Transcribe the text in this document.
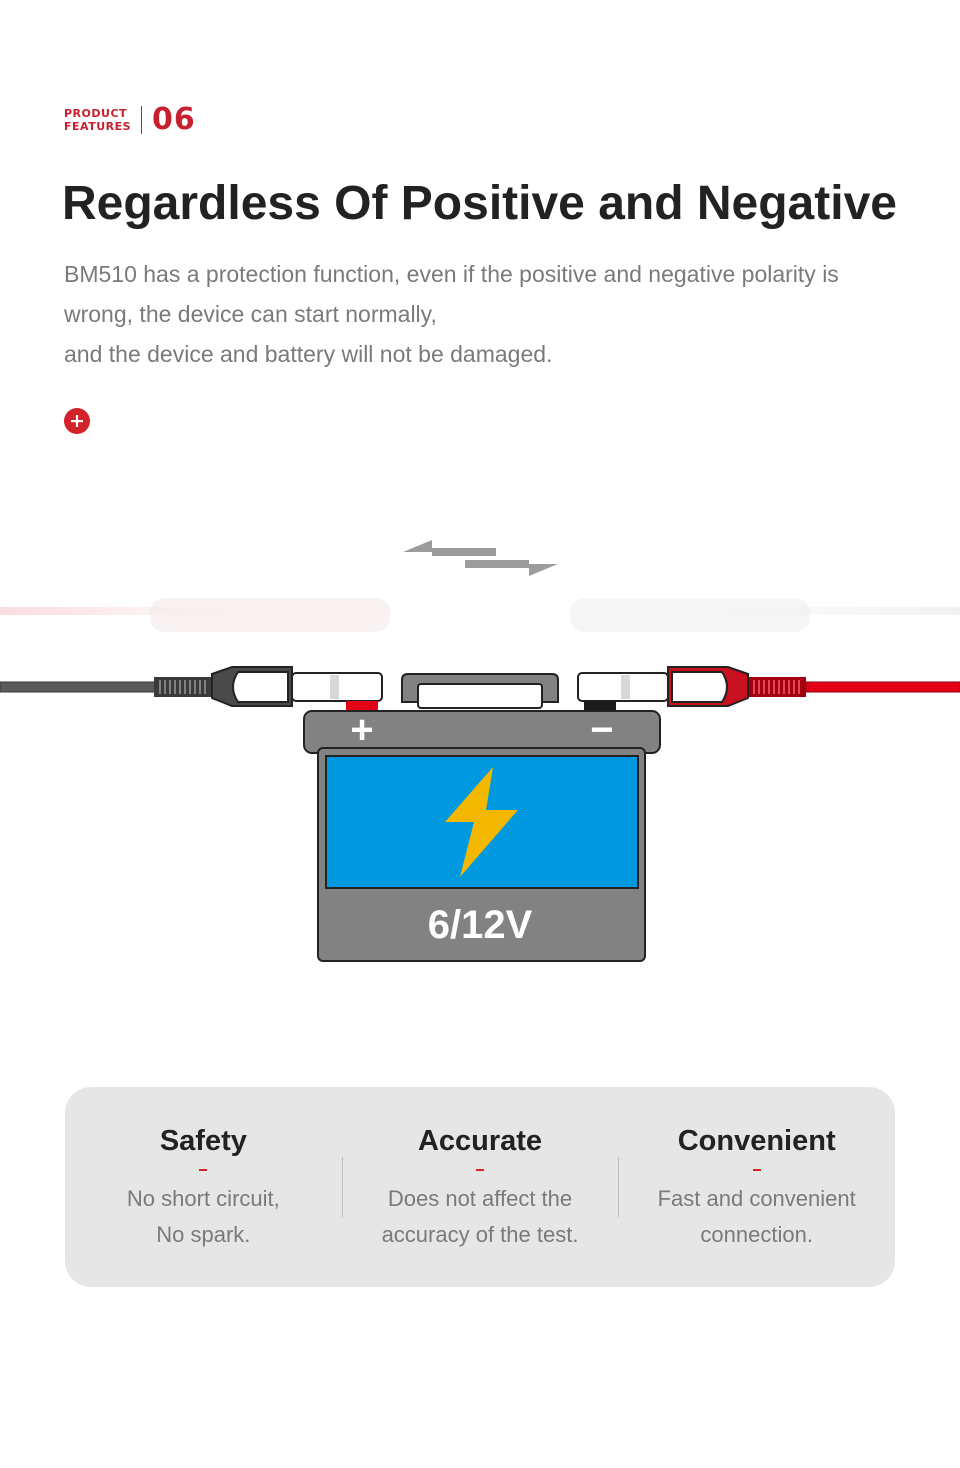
PRODUCT
FEATURES 06
Regardless Of Positive and Negative

BM510 has a protection function, even if the positive and negative polarity is
wrong, the device can start normally,
and the device and battery will not be damaged.

+	−
6/12V
Safety
No short circuit,
No spark.
Accurate
Does not affect the
accuracy of the test.
Convenient
Fast and convenient
connection.
